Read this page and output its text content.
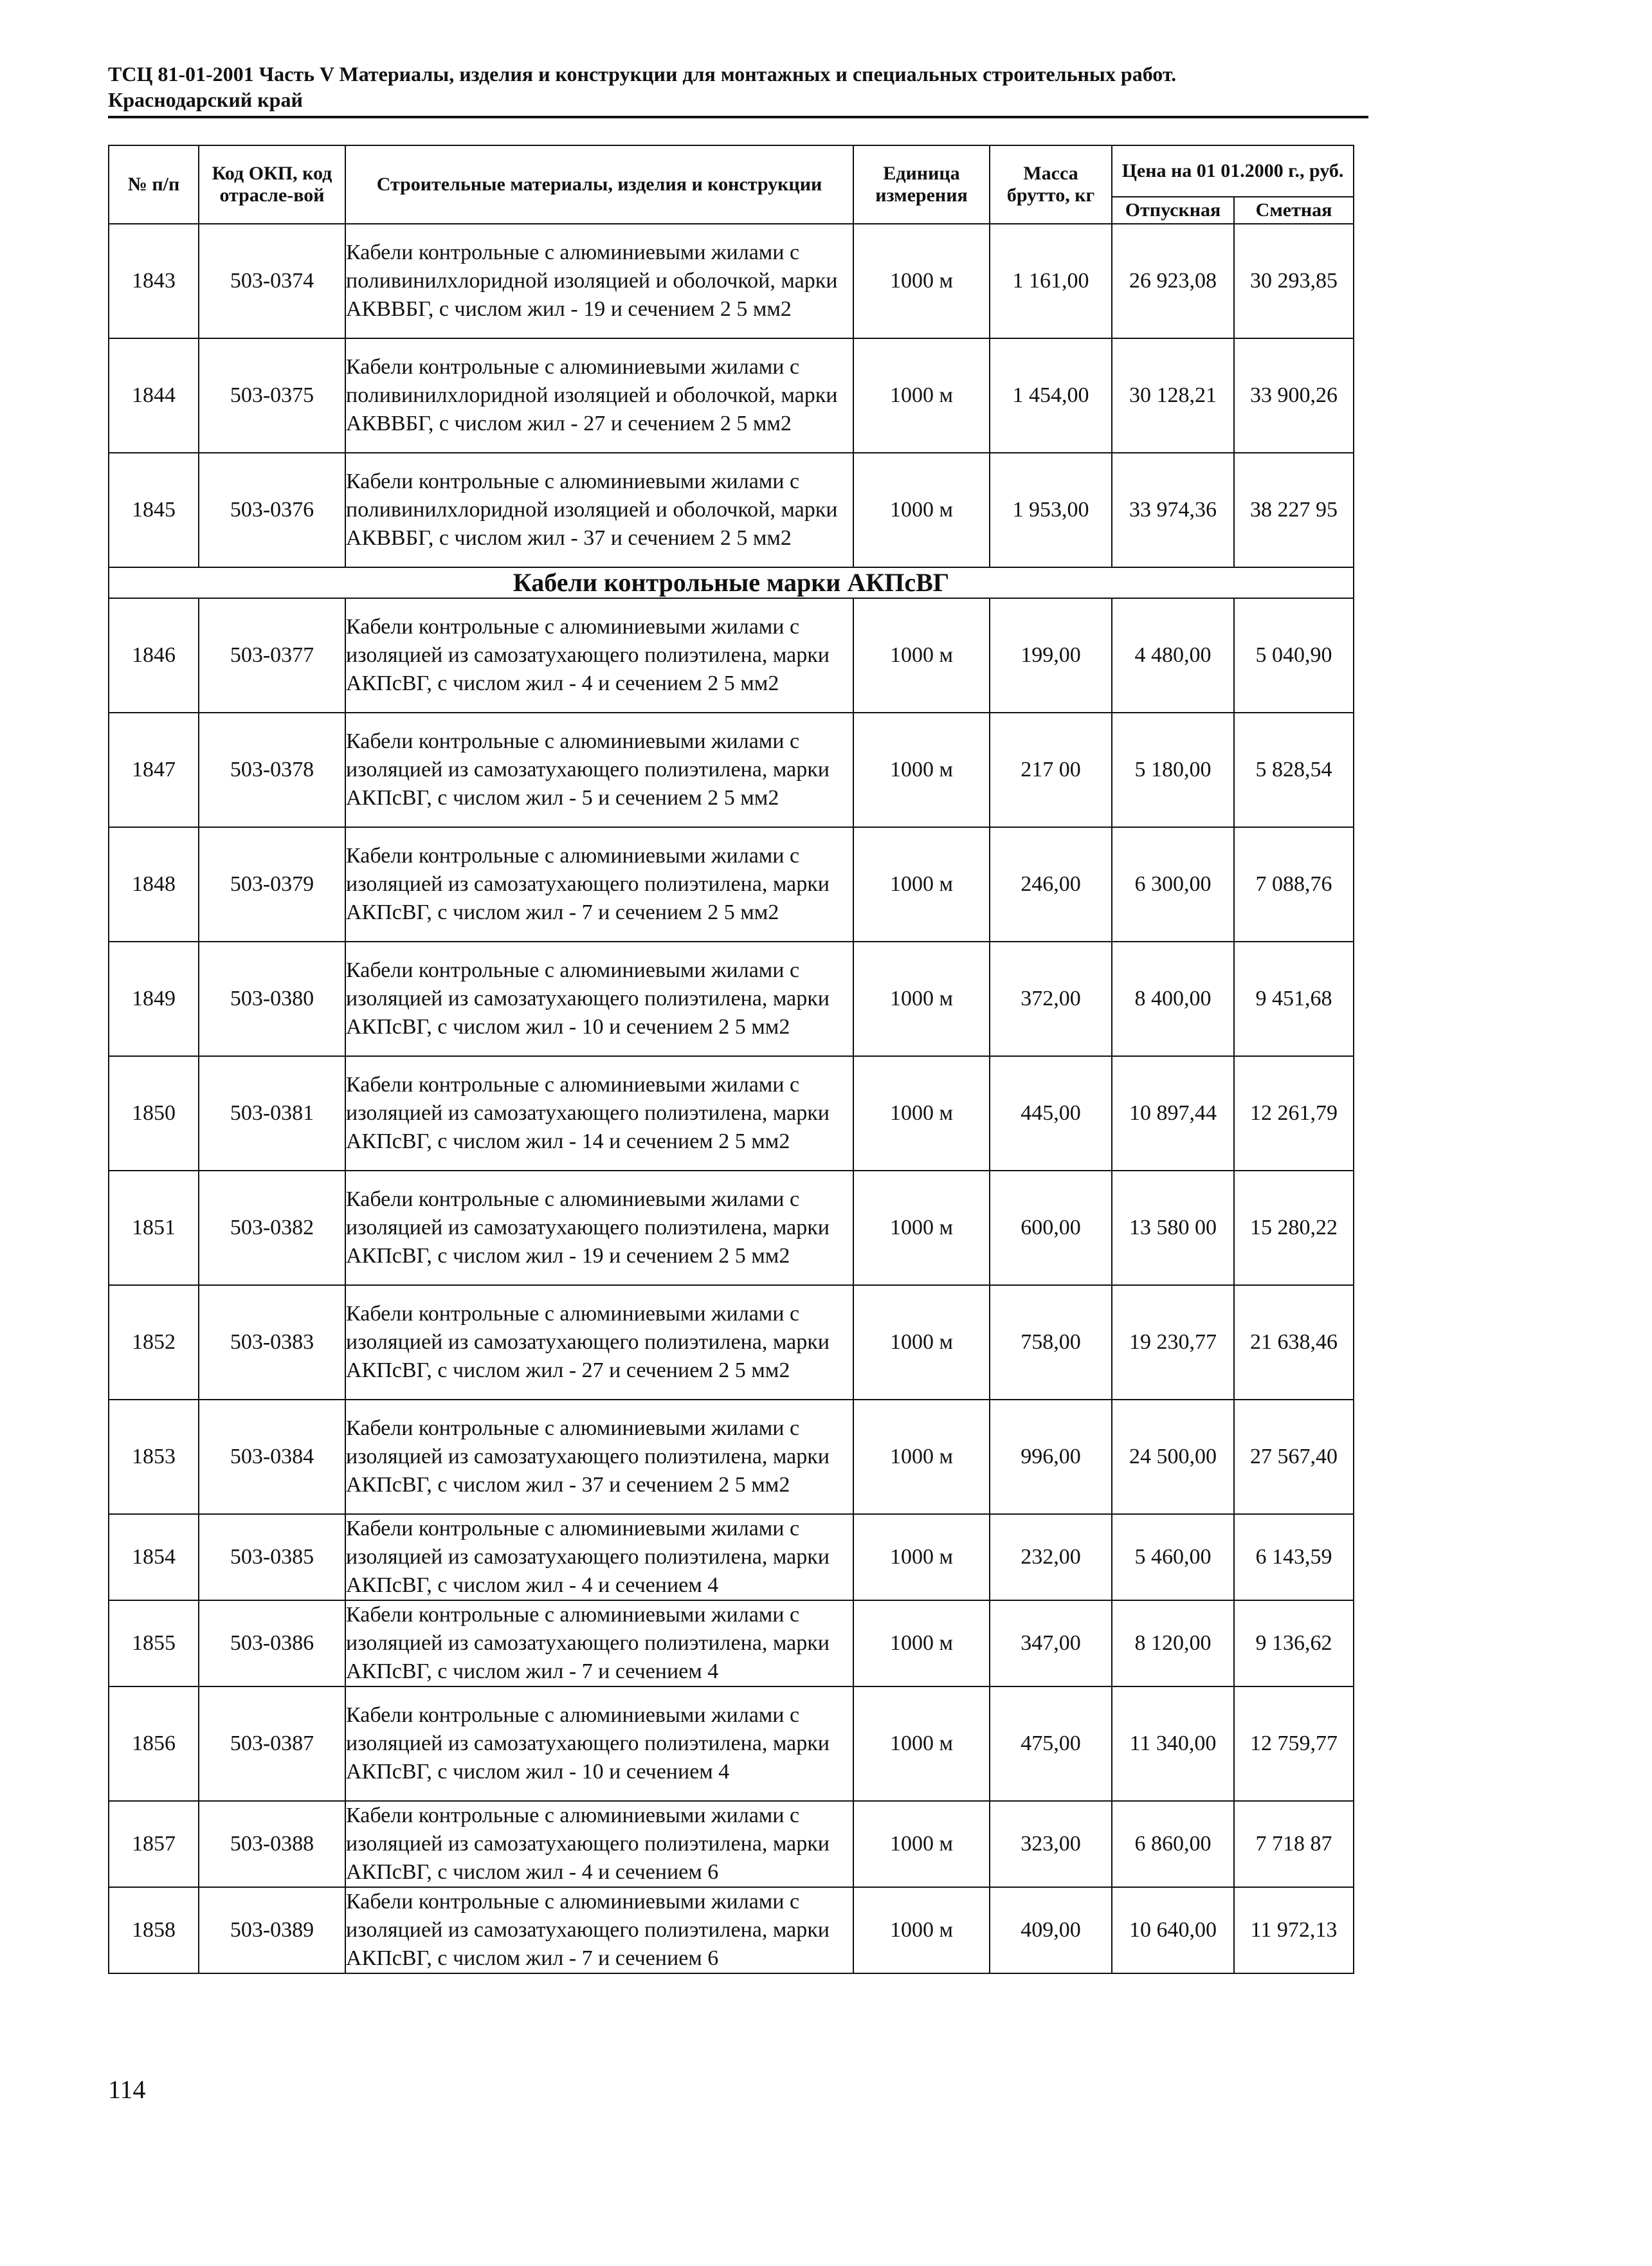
ТСЦ 81-01-2001 Часть V Материалы, изделия и конструкции для монтажных и специальных строительных работ.
Краснодарский край
№ п/п	Код ОКП, код отрасле-вой	Строительные материалы, изделия и конструкции	Единица измерения	Масса брутто, кг	Цена на 01 01.2000 г., руб.	
					Отпускная	Сметная
1843	503-0374	Кабели контрольные с алюминиевыми жилами с поливинилхлоридной изоляцией и оболочкой, марки АКВВБГ, с числом жил - 19 и сечением 2 5 мм2	1000 м	1 161,00	26 923,08	30 293,85
1844	503-0375	Кабели контрольные с алюминиевыми жилами с поливинилхлоридной изоляцией и оболочкой, марки АКВВБГ, с числом жил - 27 и сечением 2 5 мм2	1000 м	1 454,00	30 128,21	33 900,26
1845	503-0376	Кабели контрольные с алюминиевыми жилами с поливинилхлоридной изоляцией и оболочкой, марки АКВВБГ, с числом жил - 37 и сечением 2 5 мм2	1000 м	1 953,00	33 974,36	38 227 95
Кабели контрольные марки АКПсВГ						
1846	503-0377	Кабели контрольные с алюминиевыми жилами с изоляцией из самозатухающего полиэтилена, марки АКПсВГ, с числом жил - 4 и сечением 2 5 мм2	1000 м	199,00	4 480,00	5 040,90
1847	503-0378	Кабели контрольные с алюминиевыми жилами с изоляцией из самозатухающего полиэтилена, марки АКПсВГ, с числом жил - 5 и сечением 2 5 мм2	1000 м	217 00	5 180,00	5 828,54
1848	503-0379	Кабели контрольные с алюминиевыми жилами с изоляцией из самозатухающего полиэтилена, марки АКПсВГ, с числом жил - 7 и сечением 2 5 мм2	1000 м	246,00	6 300,00	7 088,76
1849	503-0380	Кабели контрольные с алюминиевыми жилами с изоляцией из самозатухающего полиэтилена, марки АКПсВГ, с числом жил - 10 и сечением 2 5 мм2	1000 м	372,00	8 400,00	9 451,68
1850	503-0381	Кабели контрольные с алюминиевыми жилами с изоляцией из самозатухающего полиэтилена, марки АКПсВГ, с числом жил - 14 и сечением 2 5 мм2	1000 м	445,00	10 897,44	12 261,79
1851	503-0382	Кабели контрольные с алюминиевыми жилами с изоляцией из самозатухающего полиэтилена, марки АКПсВГ, с числом жил - 19 и сечением 2 5 мм2	1000 м	600,00	13 580 00	15 280,22
1852	503-0383	Кабели контрольные с алюминиевыми жилами с изоляцией из самозатухающего полиэтилена, марки АКПсВГ, с числом жил - 27 и сечением 2 5 мм2	1000 м	758,00	19 230,77	21 638,46
1853	503-0384	Кабели контрольные с алюминиевыми жилами с изоляцией из самозатухающего полиэтилена, марки АКПсВГ, с числом жил - 37 и сечением 2 5 мм2	1000 м	996,00	24 500,00	27 567,40
1854	503-0385	Кабели контрольные с алюминиевыми жилами с изоляцией из самозатухающего полиэтилена, марки АКПсВГ, с числом жил - 4 и сечением 4	1000 м	232,00	5 460,00	6 143,59
1855	503-0386	Кабели контрольные с алюминиевыми жилами с изоляцией из самозатухающего полиэтилена, марки АКПсВГ, с числом жил - 7 и сечением 4	1000 м	347,00	8 120,00	9 136,62
1856	503-0387	Кабели контрольные с алюминиевыми жилами с изоляцией из самозатухающего полиэтилена, марки АКПсВГ, с числом жил - 10 и сечением 4	1000 м	475,00	11 340,00	12 759,77
1857	503-0388	Кабели контрольные с алюминиевыми жилами с изоляцией из самозатухающего полиэтилена, марки АКПсВГ, с числом жил - 4 и сечением 6	1000 м	323,00	6 860,00	7 718 87
1858	503-0389	Кабели контрольные с алюминиевыми жилами с изоляцией из самозатухающего полиэтилена, марки АКПсВГ, с числом жил - 7 и сечением 6	1000 м	409,00	10 640,00	11 972,13
114
